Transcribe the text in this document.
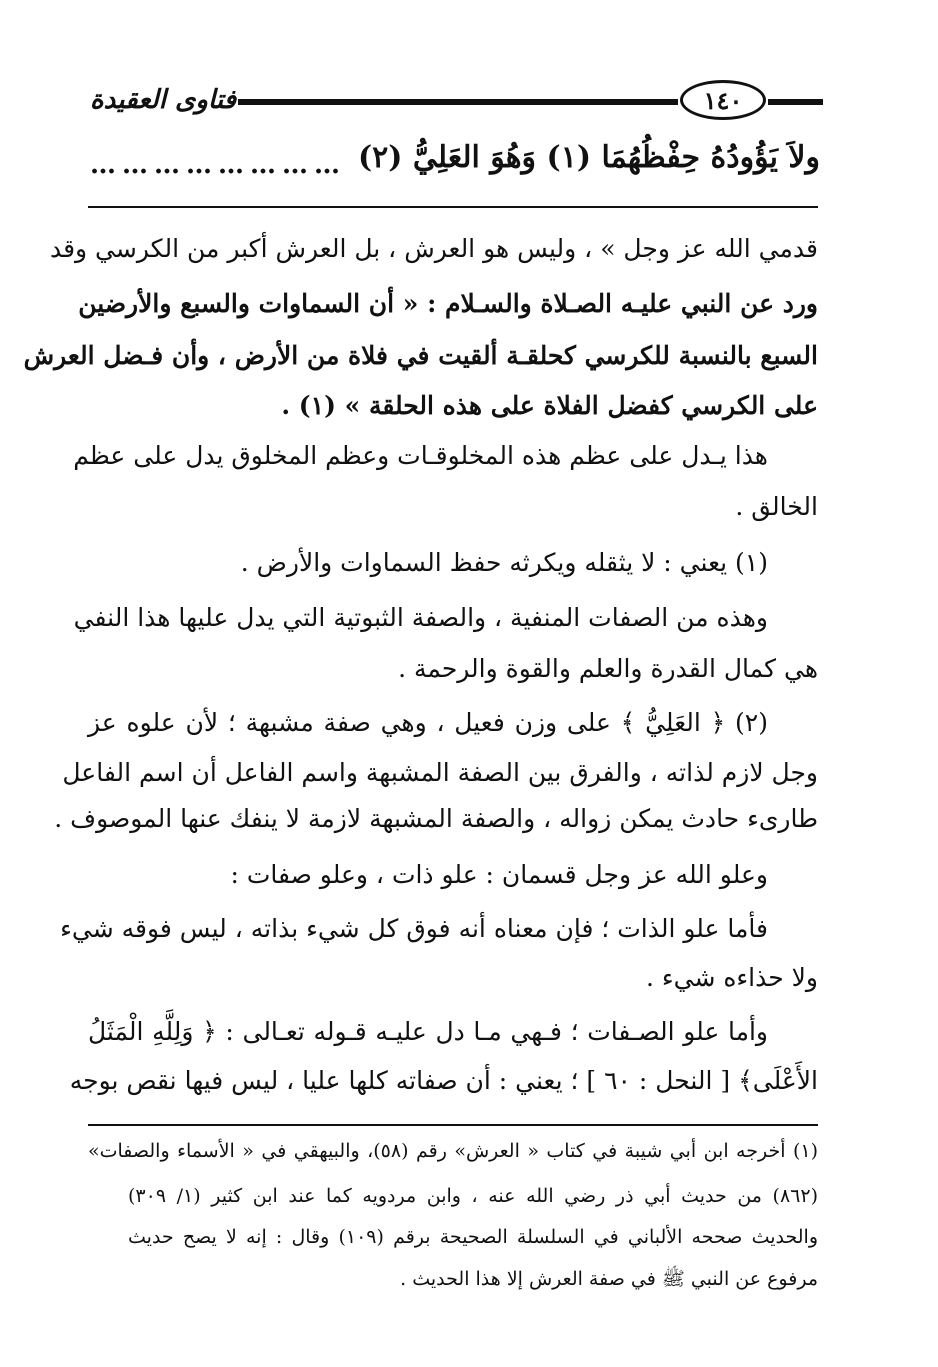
فتاوى العقيدة	١٤٠
ولاَ يَؤُودُهُ حِفْظُهُمَا (١) وَهُوَ العَلِيُّ (٢)
……………………
قدمي الله عز وجل » ، وليس هو العرش ، بل العرش أكبر من الكرسي وقد
ورد عن النبي عليـه الصـلاة والسـلام : « أن السماوات والسبع والأرضين
السبع بالنسبة للكرسي كحلقـة ألقيت في فلاة من الأرض ، وأن فـضل العرش
على الكرسي كفضل الفلاة على هذه الحلقة » (١) .
هذا يـدل على عظم هذه المخلوقـات وعظم المخلوق يدل على عظم
الخالق .
(١) يعني : لا يثقله ويكرثه حفظ السماوات والأرض .
وهذه من الصفات المنفية ، والصفة الثبوتية التي يدل عليها هذا النفي
هي كمال القدرة والعلم والقوة والرحمة .
(٢) ﴿ العَلِيُّ ﴾ على وزن فعيل ، وهي صفة مشبهة ؛ لأن علوه عز
وجل لازم لذاته ، والفرق بين الصفة المشبهة واسم الفاعل أن اسم الفاعل
طارىء حادث يمكن زواله ، والصفة المشبهة لازمة لا ينفك عنها الموصوف .
وعلو الله عز وجل قسمان : علو ذات ، وعلو صفات :
فأما علو الذات ؛ فإن معناه أنه فوق كل شيء بذاته ، ليس فوقه شيء
ولا حذاءه شيء .
وأما علو الصـفات ؛ فـهي مـا دل عليـه قـوله تعـالى : ﴿ وَلِلَّهِ الْمَثَلُ
الأَعْلَى﴾ [ النحل : ٦٠ ] ؛ يعني : أن صفاته كلها عليا ، ليس فيها نقص بوجه
(١) أخرجه ابن أبي شيبة في كتاب « العرش» رقم (٥٨)، والبيهقي في « الأسماء والصفات»
(٨٦٢) من حديث أبي ذر رضي الله عنه ، وابن مردويه كما عند ابن كثير (١/ ٣٠٩)
والحديث صححه الألباني في السلسلة الصحيحة برقم (١٠٩) وقال : إنه لا يصح حديث
مرفوع عن النبي ﷺ في صفة العرش إلا هذا الحديث .
